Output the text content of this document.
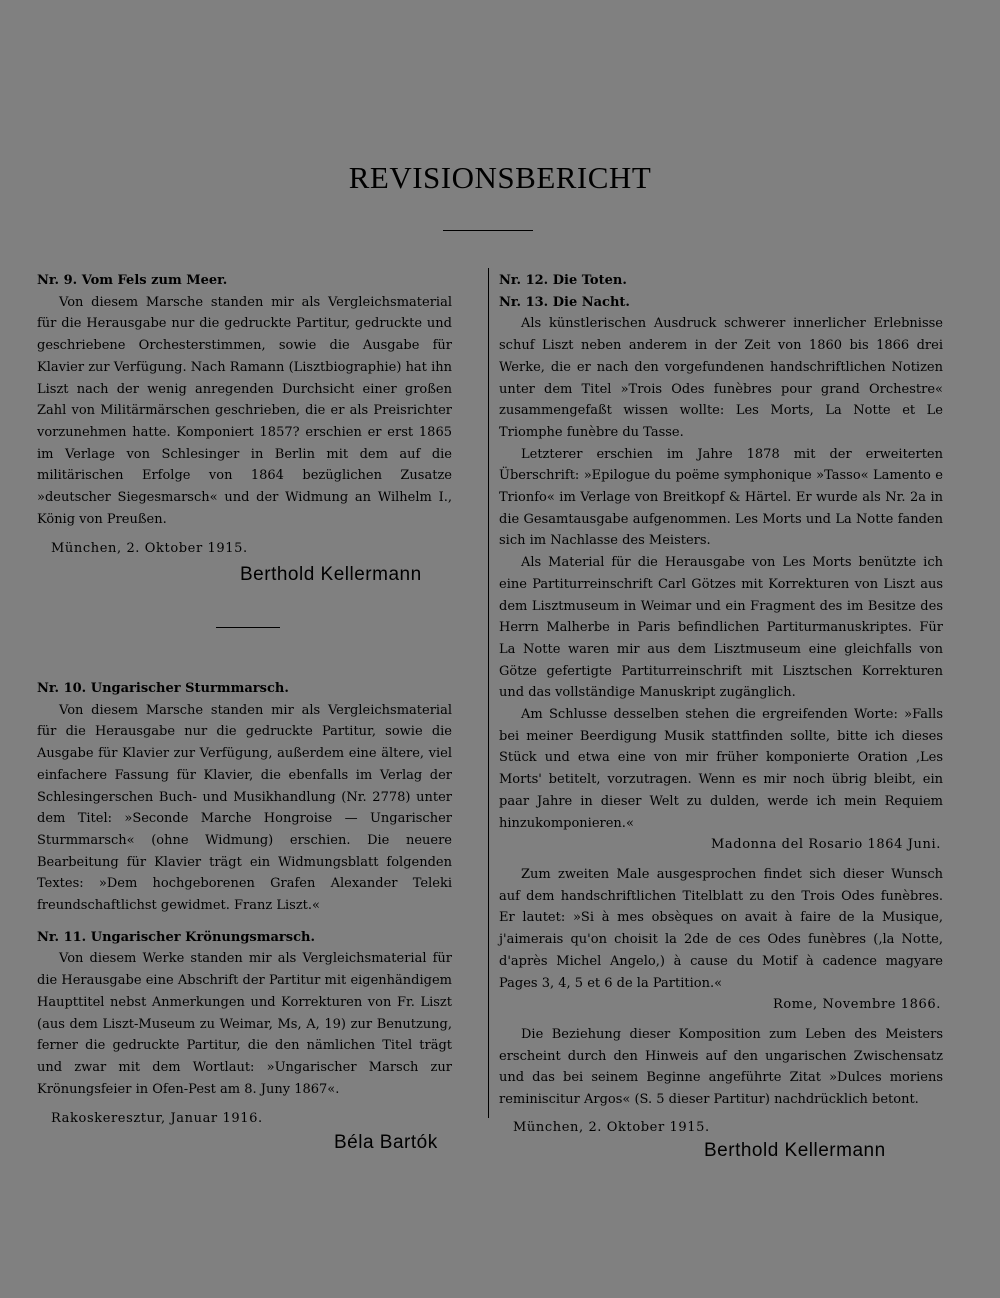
REVISIONSBERICHT

Nr. 9. Vom Fels zum Meer.

Von diesem Marsche standen mir als Vergleichsmaterial für die Herausgabe nur die gedruckte Partitur, gedruckte und geschriebene Orchesterstimmen, sowie die Ausgabe für Klavier zur Verfügung. Nach Ramann (Lisztbiographie) hat ihn Liszt nach der wenig anregenden Durchsicht einer großen Zahl von Militärmärschen geschrieben, die er als Preisrichter vorzunehmen hatte. Komponiert 1857? erschien er erst 1865 im Verlage von Schlesinger in Berlin mit dem auf die militärischen Erfolge von 1864 bezüglichen Zusatze »deutscher Siegesmarsch« und der Widmung an Wilhelm I., König von Preußen.

München, 2. Oktober 1915.

Berthold Kellermann

Nr. 10. Ungarischer Sturmmarsch.

Von diesem Marsche standen mir als Vergleichsmaterial für die Herausgabe nur die gedruckte Partitur, sowie die Ausgabe für Klavier zur Verfügung, außerdem eine ältere, viel einfachere Fassung für Klavier, die ebenfalls im Verlag der Schlesingerschen Buch- und Musikhandlung (Nr. 2778) unter dem Titel: »Seconde Marche Hongroise — Ungarischer Sturmmarsch« (ohne Widmung) erschien. Die neuere Bearbeitung für Klavier trägt ein Widmungsblatt folgenden Textes: »Dem hochgeborenen Grafen Alexander Teleki freundschaftlichst gewidmet. Franz Liszt.«

Nr. 11. Ungarischer Krönungsmarsch.

Von diesem Werke standen mir als Vergleichsmaterial für die Herausgabe eine Abschrift der Partitur mit eigenhändigem Haupttitel nebst Anmerkungen und Korrekturen von Fr. Liszt (aus dem Liszt-Museum zu Weimar, Ms, A, 19) zur Benutzung, ferner die gedruckte Partitur, die den nämlichen Titel trägt und zwar mit dem Wortlaut: »Ungarischer Marsch zur Krönungsfeier in Ofen-Pest am 8. Juny 1867«.

Rakoskeresztur, Januar 1916.

Béla Bartók

Nr. 12. Die Toten.

Nr. 13. Die Nacht.

Als künstlerischen Ausdruck schwerer innerlicher Erlebnisse schuf Liszt neben anderem in der Zeit von 1860 bis 1866 drei Werke, die er nach den vorgefundenen handschriftlichen Notizen unter dem Titel »Trois Odes funèbres pour grand Orchestre« zusammengefaßt wissen wollte: Les Morts, La Notte et Le Triomphe funèbre du Tasse.

Letzterer erschien im Jahre 1878 mit der erweiterten Überschrift: »Epilogue du poëme symphonique »Tasso« Lamento e Trionfo« im Verlage von Breitkopf & Härtel. Er wurde als Nr. 2a in die Gesamtausgabe aufgenommen. Les Morts und La Notte fanden sich im Nachlasse des Meisters.

Als Material für die Herausgabe von Les Morts benützte ich eine Partiturreinschrift Carl Götzes mit Korrekturen von Liszt aus dem Lisztmuseum in Weimar und ein Fragment des im Besitze des Herrn Malherbe in Paris befindlichen Partiturmanuskriptes. Für La Notte waren mir aus dem Lisztmuseum eine gleichfalls von Götze gefertigte Partiturreinschrift mit Lisztschen Korrekturen und das vollständige Manuskript zugänglich.

Am Schlusse desselben stehen die ergreifenden Worte: »Falls bei meiner Beerdigung Musik stattfinden sollte, bitte ich dieses Stück und etwa eine von mir früher komponierte Oration ‚Les Morts' betitelt, vorzutragen. Wenn es mir noch übrig bleibt, ein paar Jahre in dieser Welt zu dulden, werde ich mein Requiem hinzukomponieren.«

Madonna del Rosario 1864 Juni.

Zum zweiten Male ausgesprochen findet sich dieser Wunsch auf dem handschriftlichen Titelblatt zu den Trois Odes funèbres. Er lautet: »Si à mes obsèques on avait à faire de la Musique, j'aimerais qu'on choisit la 2de de ces Odes funèbres (‚la Notte, d'après Michel Angelo,) à cause du Motif à cadence magyare Pages 3, 4, 5 et 6 de la Partition.«

Rome, Novembre 1866.

Die Beziehung dieser Komposition zum Leben des Meisters erscheint durch den Hinweis auf den ungarischen Zwischensatz und das bei seinem Beginne angeführte Zitat »Dulces moriens reminiscitur Argos« (S. 5 dieser Partitur) nachdrücklich betont.

München, 2. Oktober 1915.

Berthold Kellermann
